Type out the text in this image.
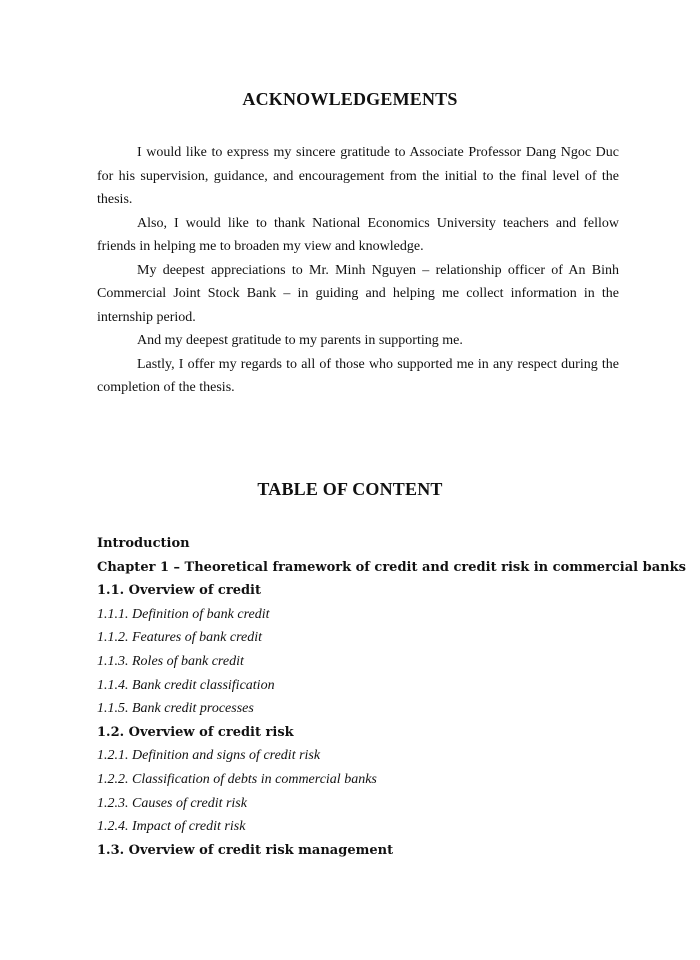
ACKNOWLEDGEMENTS

I would like to express my sincere gratitude to Associate Professor Dang Ngoc Duc for his supervision, guidance, and encouragement from the initial to the final level of the thesis.

Also, I would like to thank National Economics University teachers and fellow friends in helping me to broaden my view and knowledge.

My deepest appreciations to Mr. Minh Nguyen – relationship officer of An Binh Commercial Joint Stock Bank – in guiding and helping me collect information in the internship period.

And my deepest gratitude to my parents in supporting me.

Lastly, I offer my regards to all of those who supported me in any respect during the completion of the thesis.

TABLE OF CONTENT
Introduction
Chapter 1 – Theoretical framework of credit and credit risk in commercial banks
1.1. Overview of credit
1.1.1. Definition of bank credit
1.1.2. Features of bank credit
1.1.3. Roles of bank credit
1.1.4. Bank credit classification
1.1.5. Bank credit processes
1.2. Overview of credit risk
1.2.1. Definition and signs of credit risk
1.2.2. Classification of debts in commercial banks
1.2.3. Causes of credit risk
1.2.4. Impact of credit risk
1.3. Overview of credit risk management
